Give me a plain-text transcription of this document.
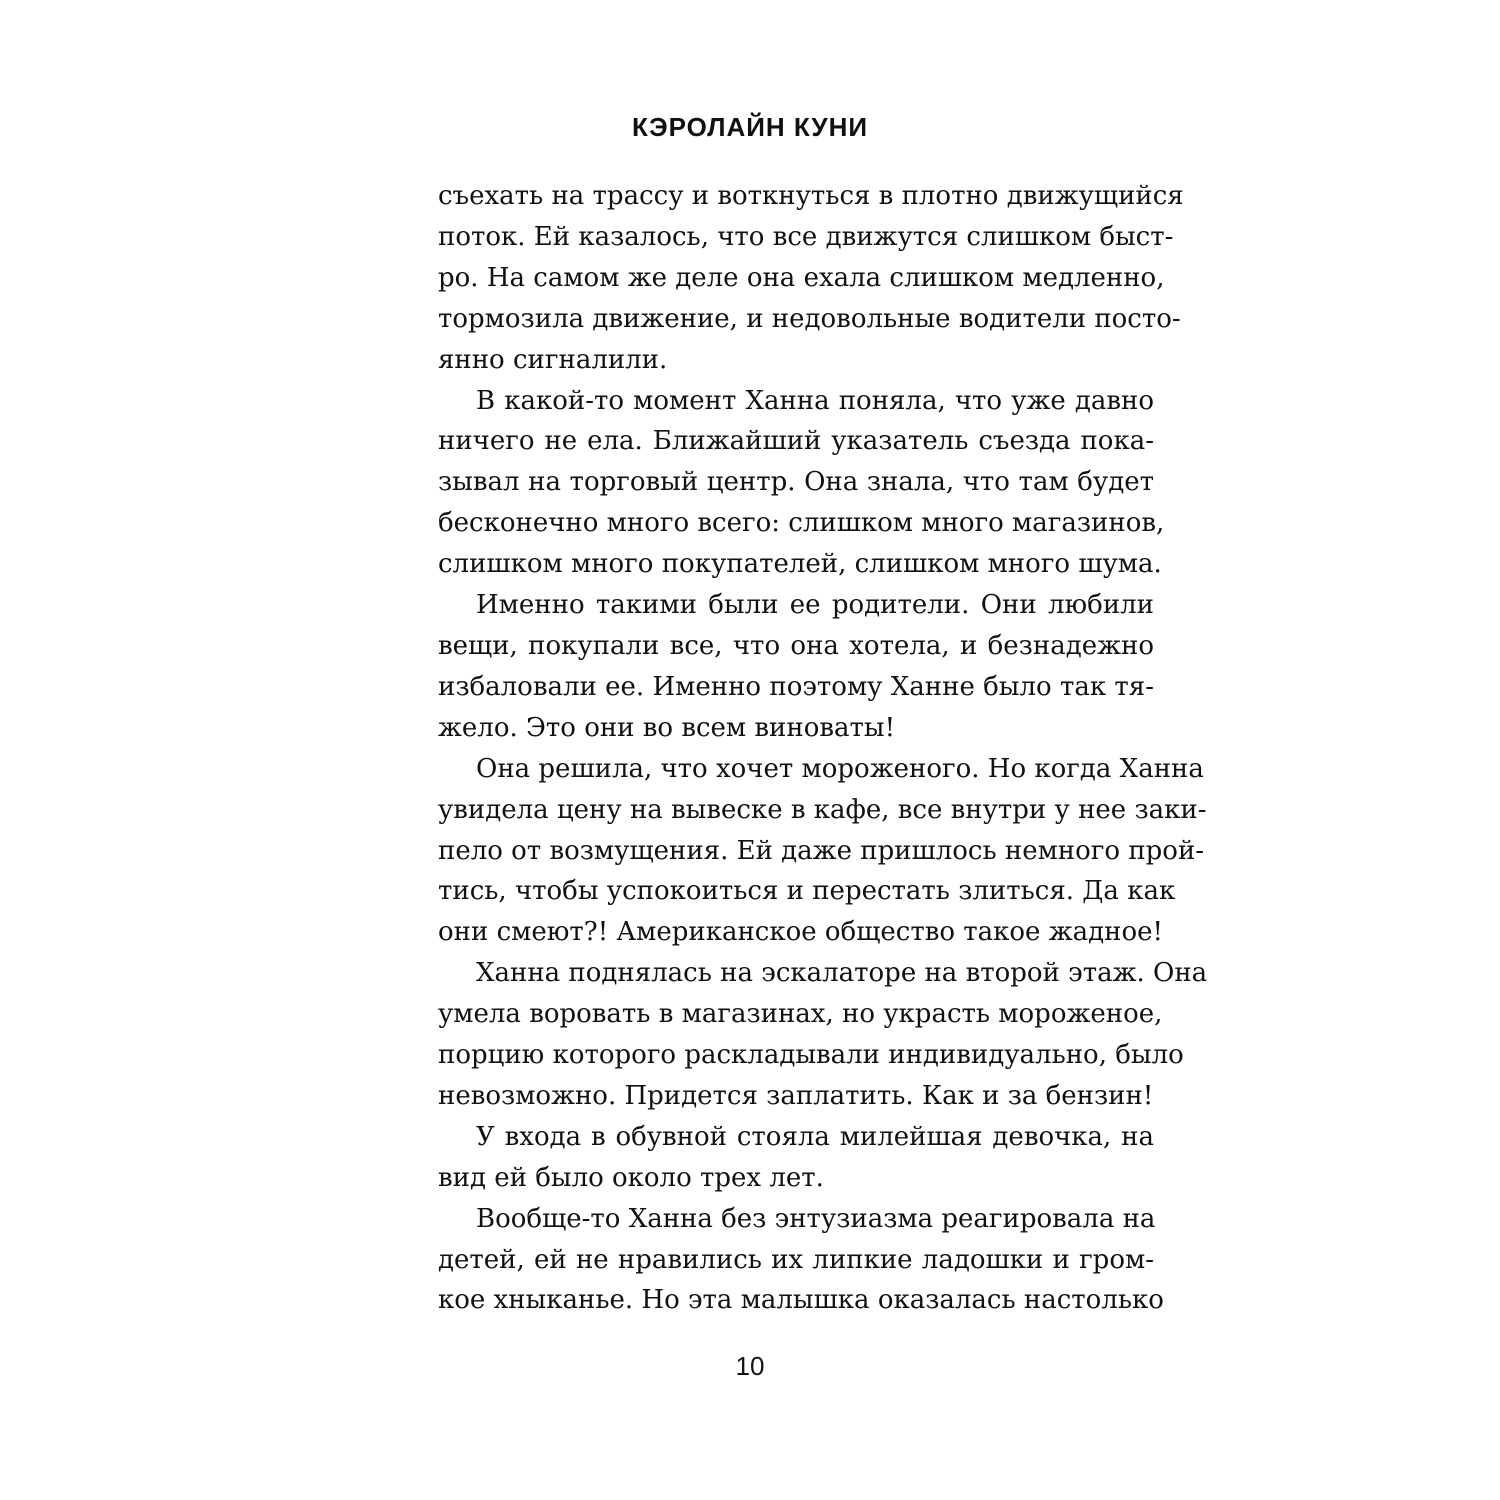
КЭРОЛАЙН КУНИ
съехать на трассу и воткнуться в плотно движущийся
поток. Ей казалось, что все движутся слишком быст-
ро. На самом же деле она ехала слишком медленно,
тормозила движение, и недовольные водители посто-
янно сигналили.
В какой-то момент Ханна поняла, что уже давно
ничего не ела. Ближайший указатель съезда пока-
зывал на торговый центр. Она знала, что там будет
бесконечно много всего: слишком много магазинов,
слишком много покупателей, слишком много шума.
Именно такими были ее родители. Они любили
вещи, покупали все, что она хотела, и безнадежно
избаловали ее. Именно поэтому Ханне было так тя-
жело. Это они во всем виноваты!
Она решила, что хочет мороженого. Но когда Ханна
увидела цену на вывеске в кафе, все внутри у нее заки-
пело от возмущения. Ей даже пришлось немного прой-
тись, чтобы успокоиться и перестать злиться. Да как
они смеют?! Американское общество такое жадное!
Ханна поднялась на эскалаторе на второй этаж. Она
умела воровать в магазинах, но украсть мороженое,
порцию которого раскладывали индивидуально, было
невозможно. Придется заплатить. Как и за бензин!
У входа в обувной стояла милейшая девочка, на
вид ей было около трех лет.
Вообще-то Ханна без энтузиазма реагировала на
детей, ей не нравились их липкие ладошки и гром-
кое хныканье. Но эта малышка оказалась настолько
10
